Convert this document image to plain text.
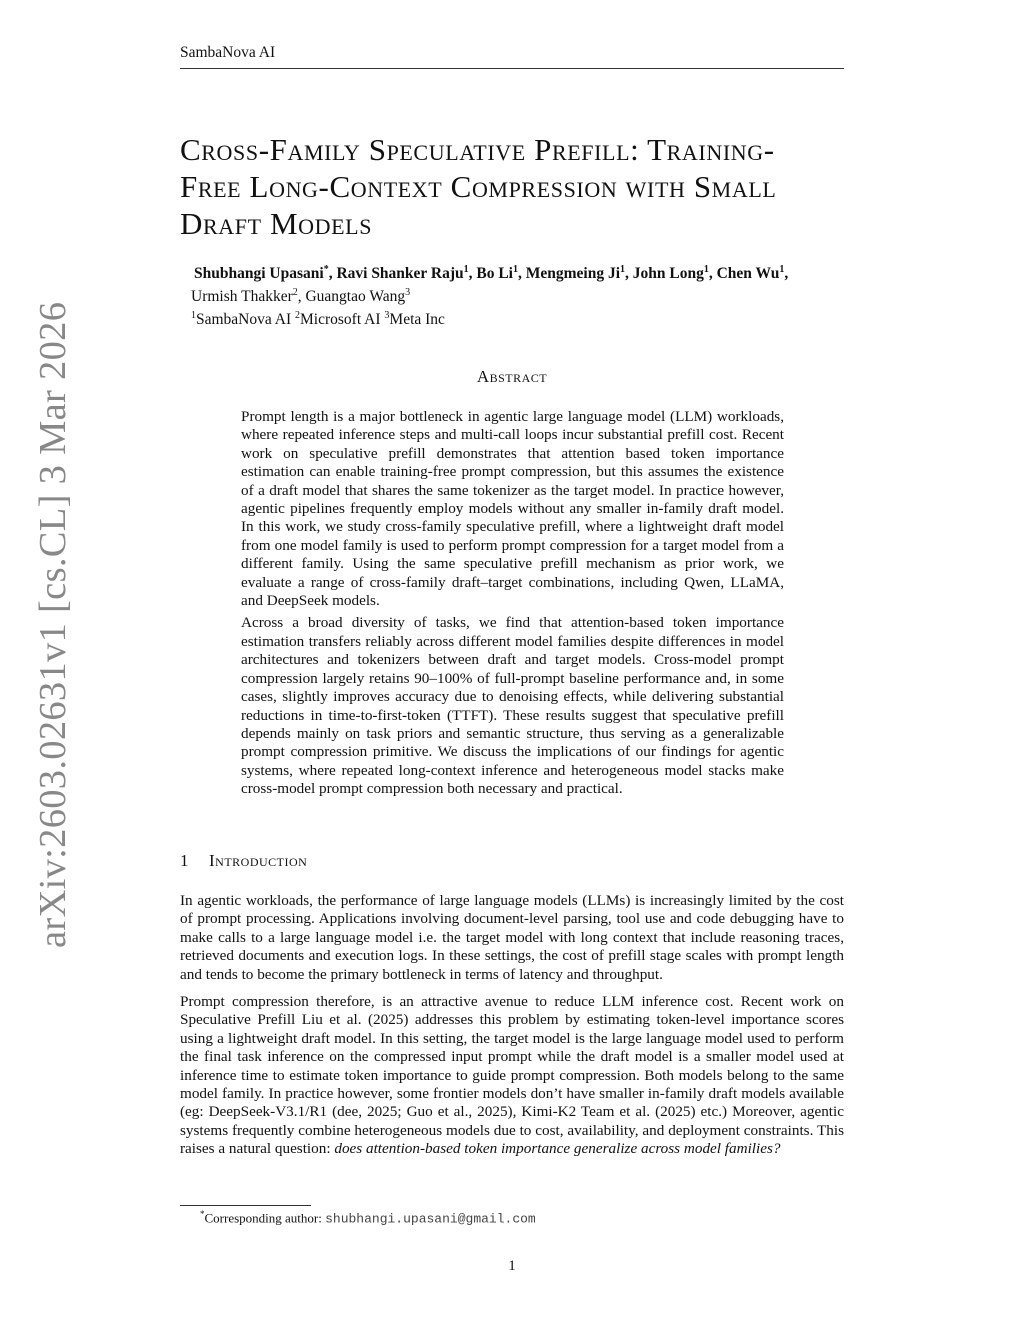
SambaNova AI
arXiv:2603.02631v1 [cs.CL] 3 Mar 2026
Cross-Family Speculative Prefill: Training-
Free Long-Context Compression with Small
Draft Models
Shubhangi Upasani*, Ravi Shanker Raju$^1$, Bo Li$^1$, Mengmeing Ji$^1$, John Long$^1$, Chen Wu$^1$,
Urmish Thakker$^2$, Guangtao Wang$^3$
$^1$SambaNova AI $^2$Microsoft AI $^3$Meta Inc
Abstract

Prompt length is a major bottleneck in agentic large language model (LLM) workloads, where repeated inference steps and multi-call loops incur substantial prefill cost. Recent work on speculative prefill demonstrates that attention based token importance estimation can enable training-free prompt compression, but this assumes the existence of a draft model that shares the same tokenizer as the target model. In practice however, agentic pipelines frequently employ models without any smaller in-family draft model. In this work, we study cross-family speculative prefill, where a lightweight draft model from one model family is used to perform prompt compression for a target model from a different family. Using the same speculative prefill mechanism as prior work, we evaluate a range of cross-family draft–target combinations, including Qwen, LLaMA, and DeepSeek models.

Across a broad diversity of tasks, we find that attention-based token importance estimation transfers reliably across different model families despite differences in model architectures and tokenizers between draft and target models. Cross-model prompt compression largely retains 90–100% of full-prompt baseline performance and, in some cases, slightly improves accuracy due to denoising effects, while delivering substantial reductions in time-to-first-token (TTFT). These results suggest that speculative prefill depends mainly on task priors and semantic structure, thus serving as a generalizable prompt compression primitive. We discuss the implications of our findings for agentic systems, where repeated long-context inference and heterogeneous model stacks make cross-model prompt compression both necessary and practical.

1 Introduction

In agentic workloads, the performance of large language models (LLMs) is increasingly limited by the cost of prompt processing. Applications involving document-level parsing, tool use and code debugging have to make calls to a large language model i.e. the target model with long context that include reasoning traces, retrieved documents and execution logs. In these settings, the cost of prefill stage scales with prompt length and tends to become the primary bottleneck in terms of latency and throughput.

Prompt compression therefore, is an attractive avenue to reduce LLM inference cost. Recent work on Speculative Prefill Liu et al. (2025) addresses this problem by estimating token-level importance scores using a lightweight draft model. In this setting, the target model is the large language model used to perform the final task inference on the compressed input prompt while the draft model is a smaller model used at inference time to estimate token importance to guide prompt compression. Both models belong to the same model family. In practice however, some frontier models don’t have smaller in-family draft models available (eg: DeepSeek-V3.1/R1 (dee, 2025; Guo et al., 2025), Kimi-K2 Team et al. (2025) etc.) Moreover, agentic systems frequently combine heterogeneous models due to cost, availability, and deployment constraints. This raises a natural question: does attention-based token importance generalize across model families?

*Corresponding author: shubhangi.upasani@gmail.com
1
